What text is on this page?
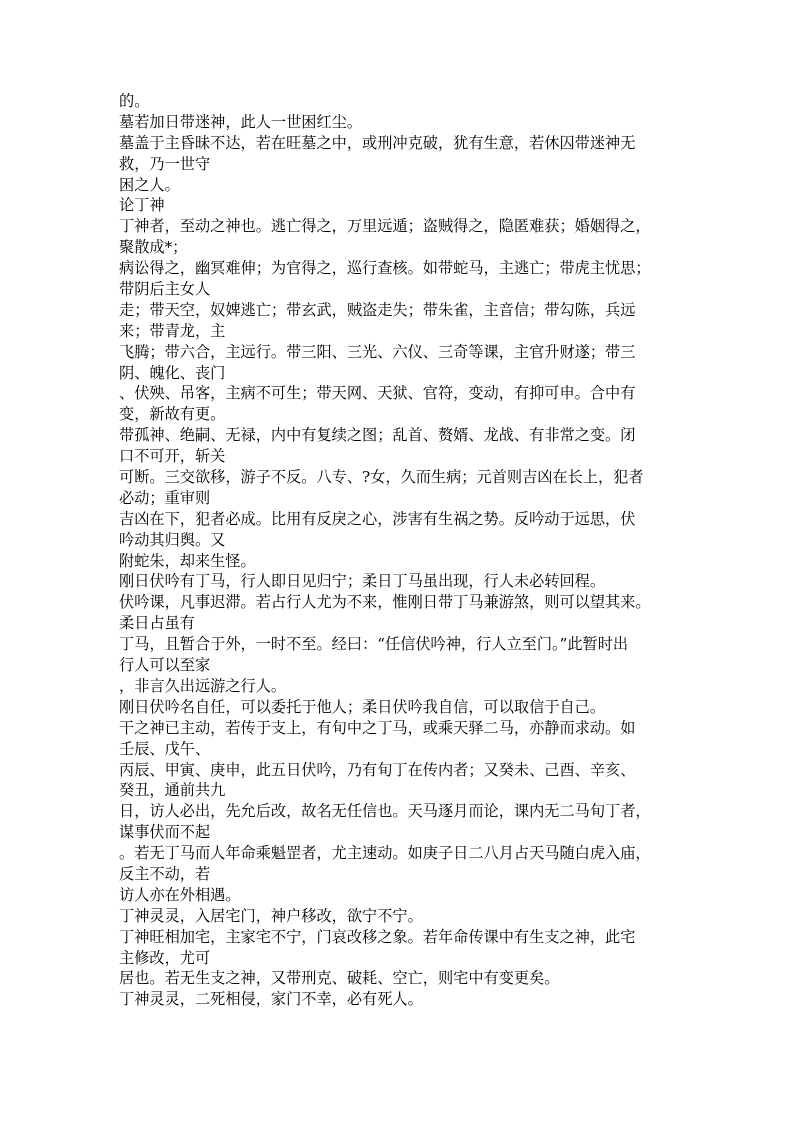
的。
墓若加日带迷神，此人一世困红尘。
墓盖于主昏昧不达，若在旺墓之中，或刑冲克破，犹有生意，若休囚带迷神无
救，乃一世守
困之人。
论丁神
丁神者，至动之神也。逃亡得之，万里远遁；盗贼得之，隐匿难获；婚姻得之，
聚散成*；
病讼得之，幽冥难伸；为官得之，巡行查核。如带蛇马，主逃亡；带虎主忧思；
带阴后主女人
走；带天空，奴婢逃亡；带玄武，贼盗走失；带朱雀，主音信；带勾陈，兵远
来；带青龙，主
飞腾；带六合，主远行。带三阳、三光、六仪、三奇等课，主官升财遂；带三
阴、魄化、丧门
、伏殃、吊客，主病不可生；带天网、天狱、官符，变动，有抑可申。合中有
变，新故有更。
带孤神、绝嗣、无禄，内中有复续之图；乱首、赘婿、龙战、有非常之变。闭
口不可开，斩关
可断。三交欲移，游子不反。八专、?女，久而生病；元首则吉凶在长上，犯者
必动；重审则
吉凶在下，犯者必成。比用有反戾之心，涉害有生祸之势。反吟动于远思，伏
吟动其归舆。又
附蛇朱，却来生怪。
刚日伏吟有丁马，行人即日见归宁；柔日丁马虽出现，行人未必转回程。
伏吟课，凡事迟滞。若占行人尤为不来，惟刚日带丁马兼游煞，则可以望其来。
柔日占虽有
丁马，且暂合于外，一时不至。经曰：“任信伏吟神，行人立至门。”此暂时出
行人可以至家
，非言久出远游之行人。
刚日伏吟名自任，可以委托于他人；柔日伏吟我自信，可以取信于自己。
干之神已主动，若传于支上，有旬中之丁马，或乘天驿二马，亦静而求动。如
壬辰、戊午、
丙辰、甲寅、庚申，此五日伏吟，乃有旬丁在传内者；又癸未、己酉、辛亥、
癸丑，通前共九
日，访人必出，先允后改，故名无任信也。天马逐月而论，课内无二马旬丁者，
谋事伏而不起
。若无丁马而人年命乘魁罡者，尤主速动。如庚子日二八月占天马随白虎入庙，
反主不动，若
访人亦在外相遇。
丁神灵灵，入居宅门，神户移改，欲宁不宁。
丁神旺相加宅，主家宅不宁，门哀改移之象。若年命传课中有生支之神，此宅
主修改，尤可
居也。若无生支之神，又带刑克、破耗、空亡，则宅中有变更矣。
丁神灵灵，二死相侵，家门不幸，必有死人。
